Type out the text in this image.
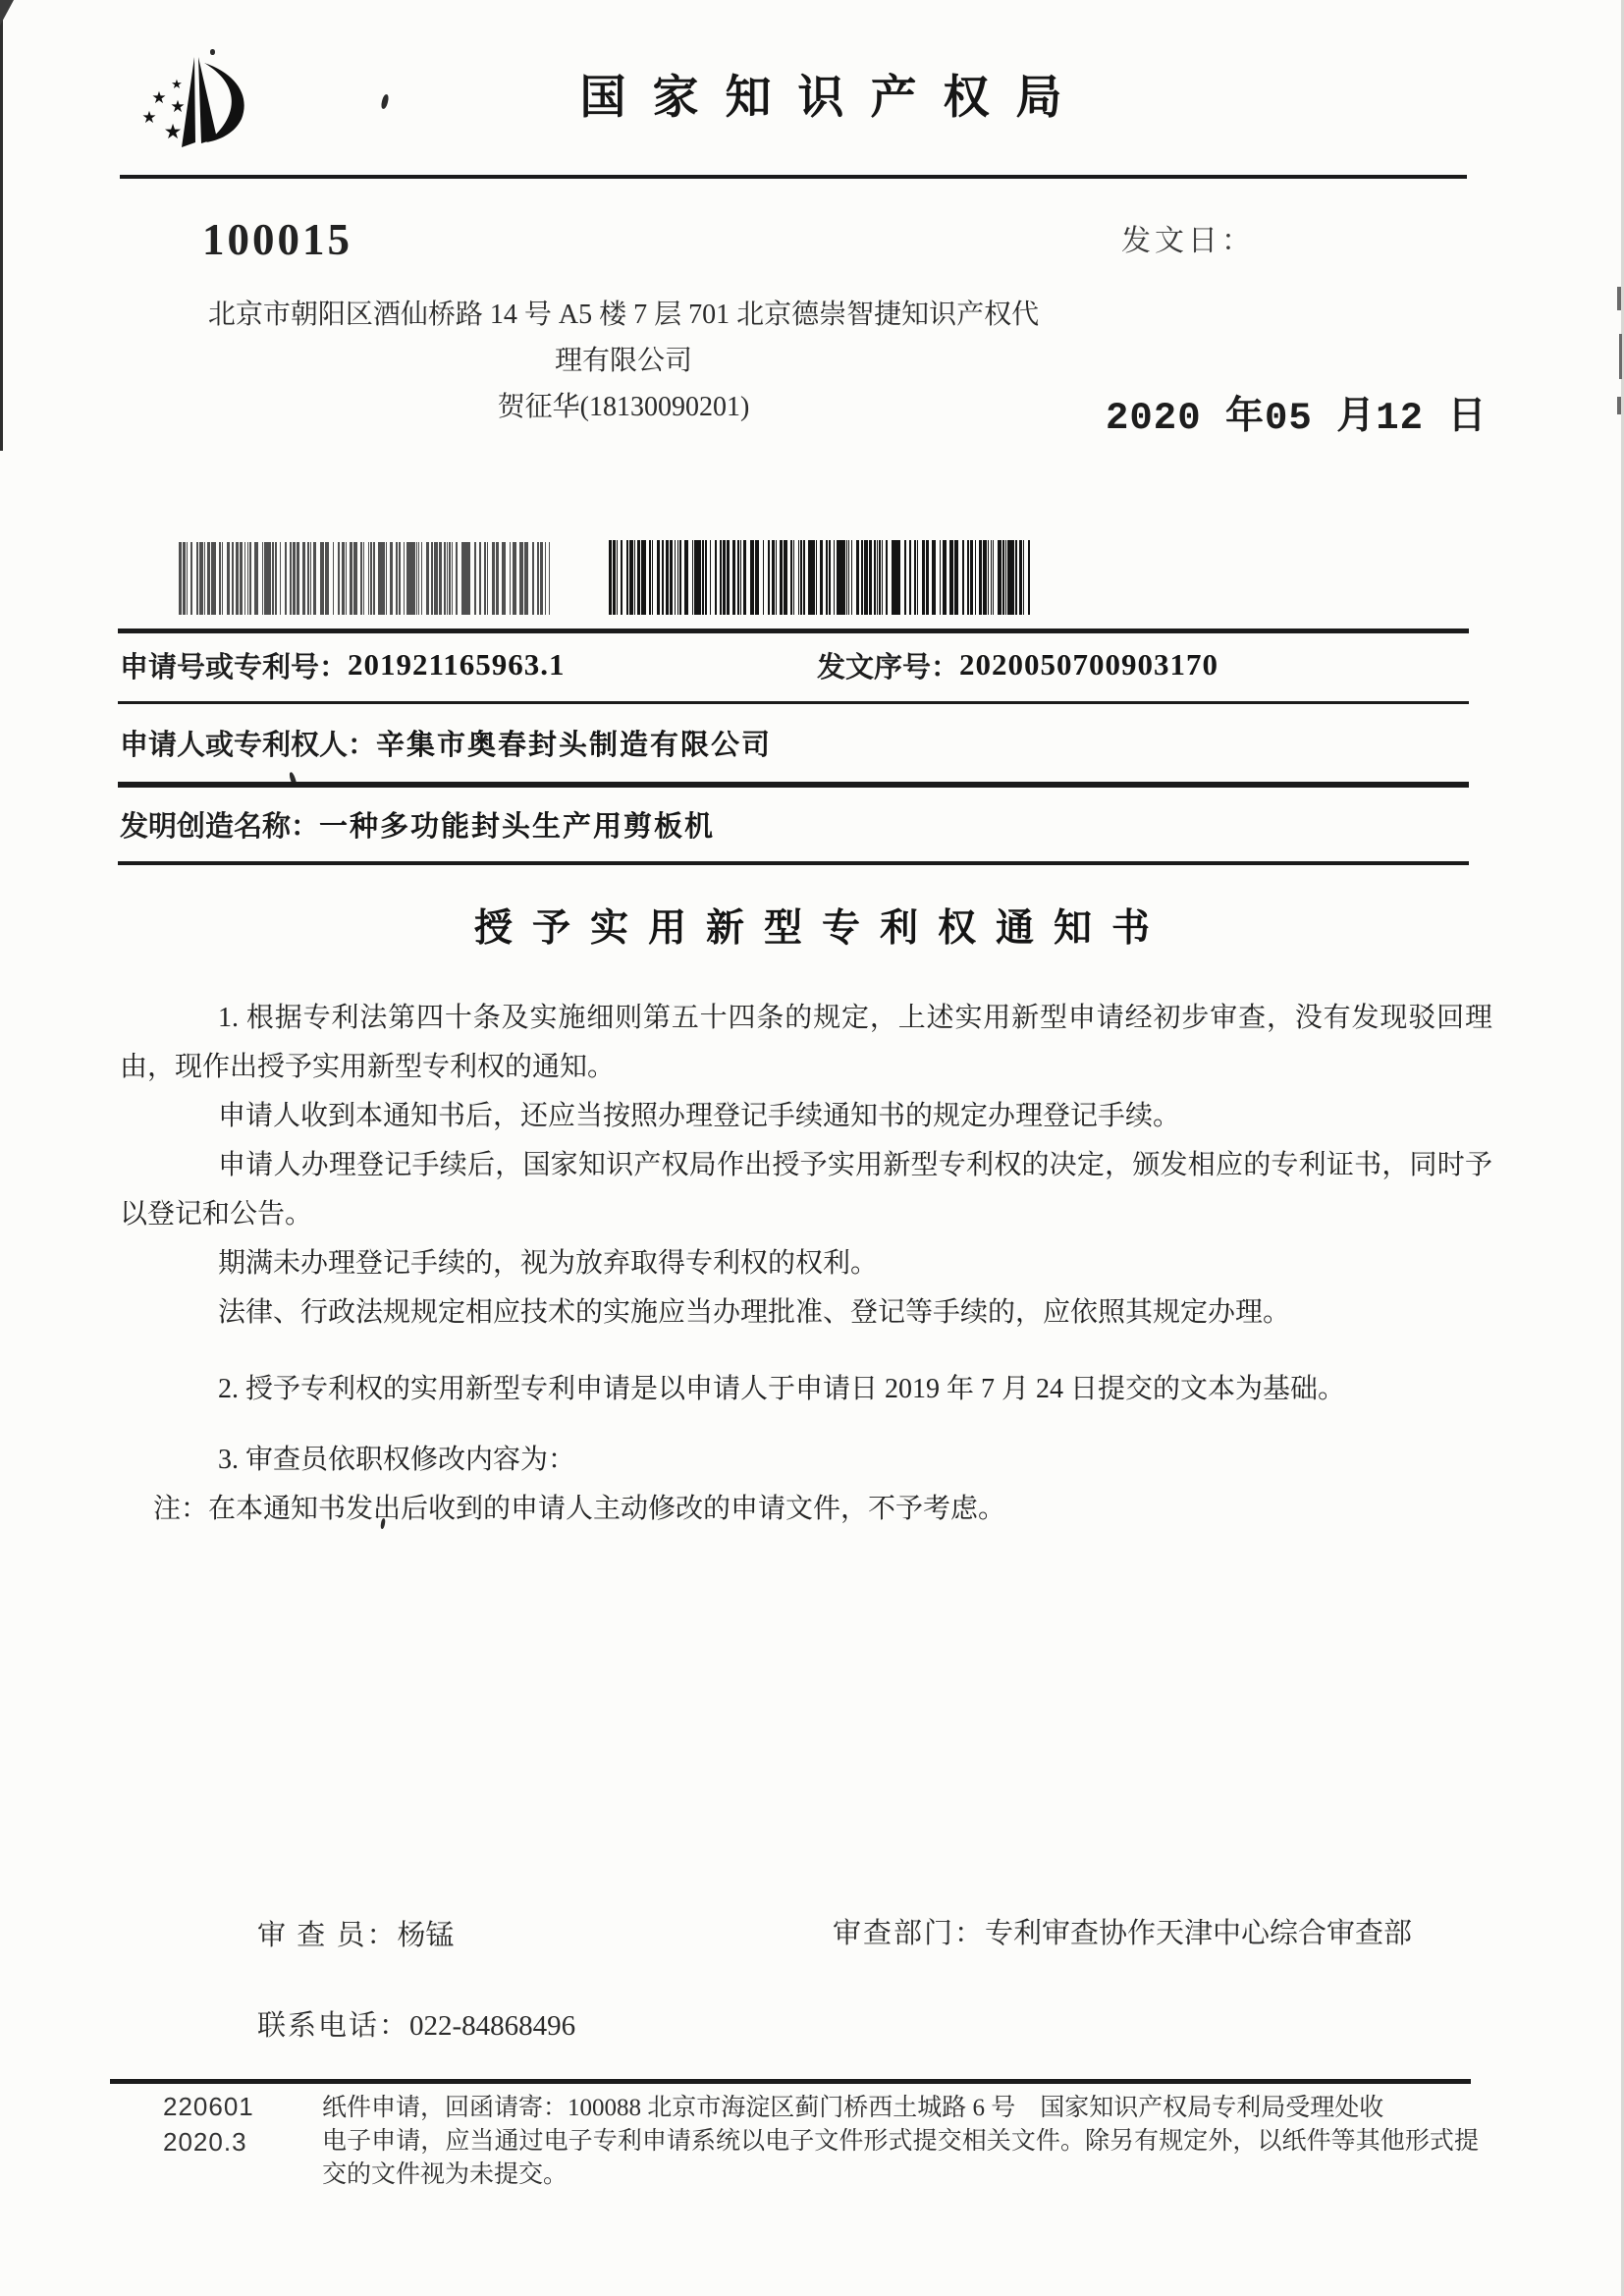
★
★ ★
★
★
国家知识产权局
100015
北京市朝阳区酒仙桥路 14 号 A5 楼 7 层 701 北京德崇智捷知识产权代
理有限公司
贺征华(18130090201)
发文日：
2020 年05 月12 日
申请号或专利号： 201921165963.1	发文序号： 2020050700903170
申请人或专利权人： 辛集市奥春封头制造有限公司
发明创造名称： 一种多功能封头生产用剪板机
授予实用新型专利权通知书

1. 根据专利法第四十条及实施细则第五十四条的规定，上述实用新型申请经初步审查，没有发现驳回理由，现作出授予实用新型专利权的通知。

申请人收到本通知书后，还应当按照办理登记手续通知书的规定办理登记手续。

申请人办理登记手续后，国家知识产权局作出授予实用新型专利权的决定，颁发相应的专利证书，同时予以登记和公告。

期满未办理登记手续的，视为放弃取得专利权的权利。

法律、行政法规规定相应技术的实施应当办理批准、登记等手续的，应依照其规定办理。

2. 授予专利权的实用新型专利申请是以申请人于申请日 2019 年 7 月 24 日提交的文本为基础。

3. 审查员依职权修改内容为：

注：在本通知书发出后收到的申请人主动修改的申请文件，不予考虑。

审 查 员：杨锰	审查部门：专利审查协作天津中心综合审查部
联系电话：022-84868496
220601
2020.3

纸件申请，回函请寄：100088 北京市海淀区蓟门桥西土城路 6 号　国家知识产权局专利局受理处收

电子申请，应当通过电子专利申请系统以电子文件形式提交相关文件。除另有规定外，以纸件等其他形式提交的文件视为未提交。
